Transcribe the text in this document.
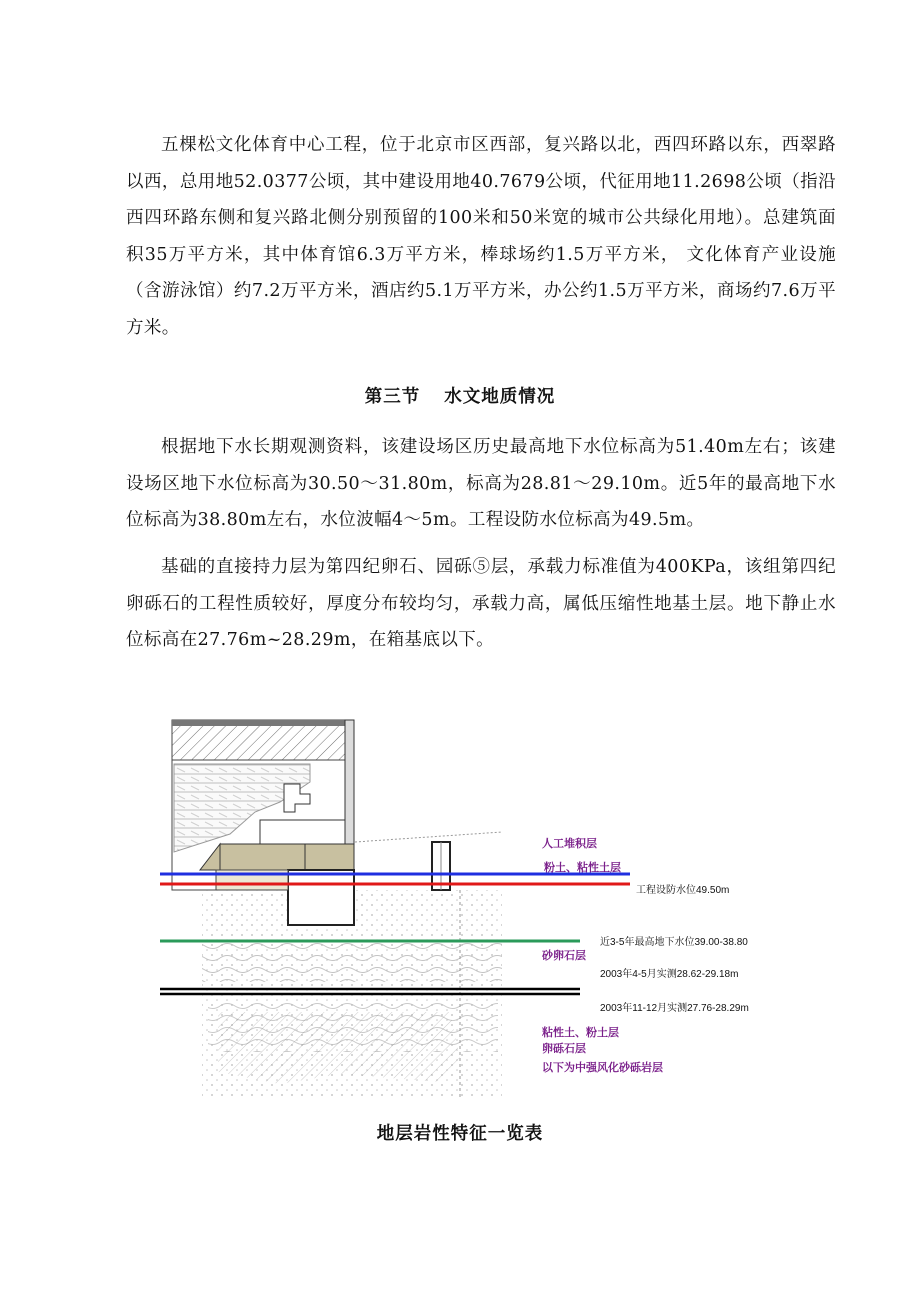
五棵松文化体育中心工程，位于北京市区西部，复兴路以北，西四环路以东，西翠路以西，总用地52.0377公顷，其中建设用地40.7679公顷，代征用地11.2698公顷（指沿西四环路东侧和复兴路北侧分别预留的100米和50米宽的城市公共绿化用地）。总建筑面积35万平方米，其中体育馆6.3万平方米，棒球场约1.5万平方米， 文化体育产业设施（含游泳馆）约7.2万平方米，酒店约5.1万平方米，办公约1.5万平方米，商场约7.6万平方米。

第三节 水文地质情况

根据地下水长期观测资料，该建设场区历史最高地下水位标高为51.40m左右；该建设场区地下水位标高为30.50～31.80m，标高为28.81～29.10m。近5年的最高地下水位标高为38.80m左右，水位波幅4～5m。工程设防水位标高为49.5m。

基础的直接持力层为第四纪卵石、园砾⑤层，承载力标准值为400KPa，该组第四纪卵砾石的工程性质较好，厚度分布较均匀，承载力高，属低压缩性地基土层。地下静止水位标高在27.76m~28.29m，在箱基底以下。

人工堆积层
粉土、粘性土层
工程设防水位49.50m
近3-5年最高地下水位39.00-38.80
砂卵石层
2003年4-5月实测28.62-29.18m
2003年11-12月实测27.76-28.29m
粘性土、粉土层
卵砾石层
以下为中强风化砂砾岩层
地层岩性特征一览表
